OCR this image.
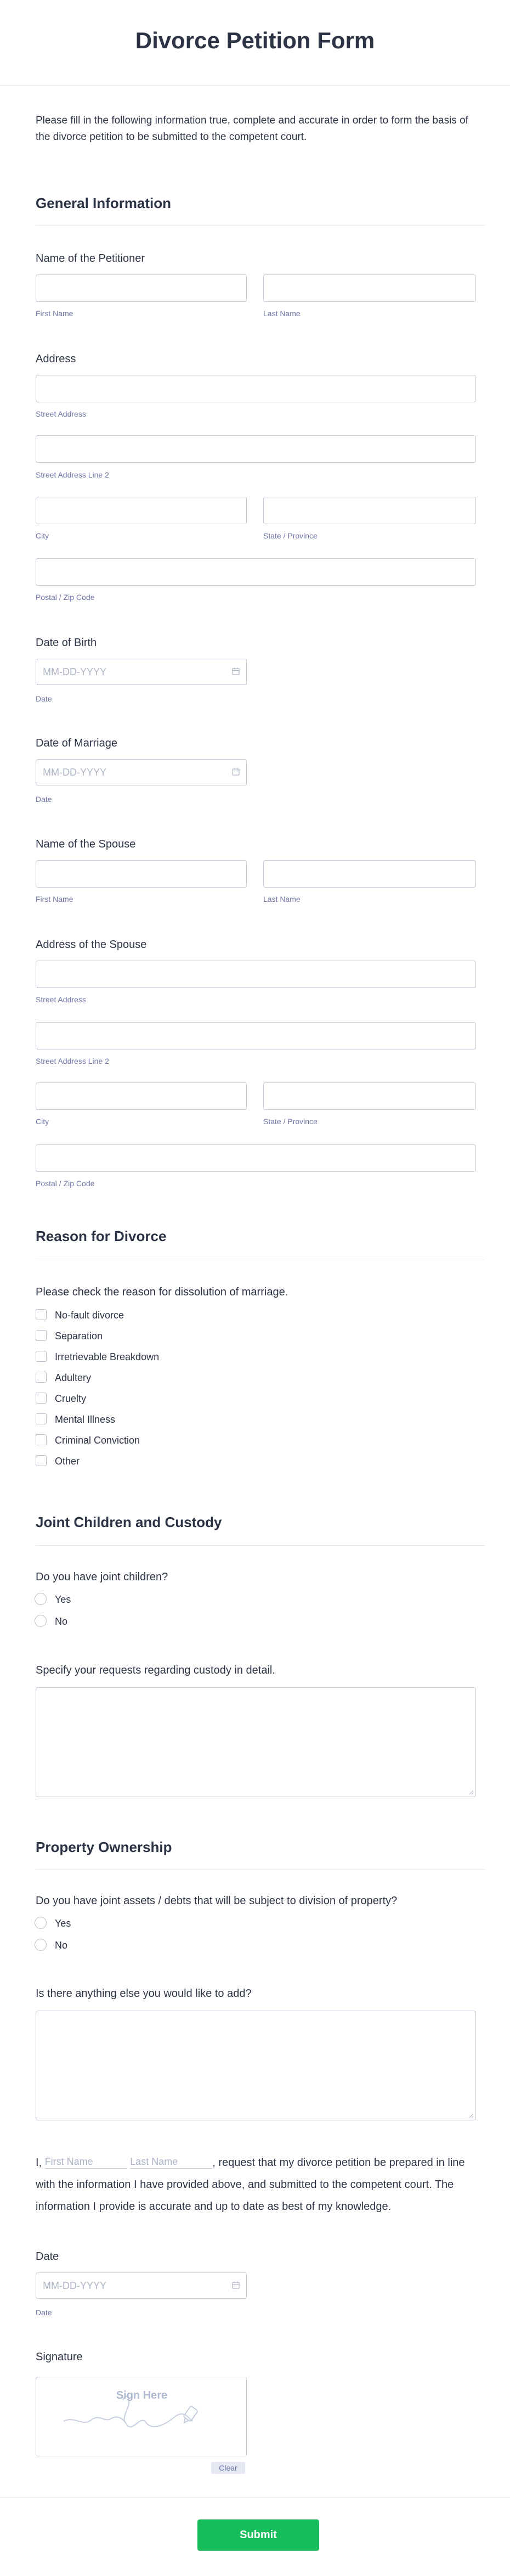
Divorce Petition Form
Please fill in the following information true, complete and accurate in order to form the basis of the divorce petition to be submitted to the competent court.
General Information
Name of the Petitioner
First Name	Last Name
Address
Street Address
Street Address Line 2
City	State / Province
Postal / Zip Code
Date of Birth
MM-DD-YYYY
Date
Date of Marriage
MM-DD-YYYY
Date
Name of the Spouse
First Name	Last Name
Address of the Spouse
Street Address
Street Address Line 2
City	State / Province
Postal / Zip Code
Reason for Divorce
Please check the reason for dissolution of marriage.
No-fault divorce
Separation
Irretrievable Breakdown
Adultery
Cruelty
Mental Illness
Criminal Conviction
Other
Joint Children and Custody
Do you have joint children?
Yes
No
Specify your requests regarding custody in detail.
Property Ownership
Do you have joint assets / debts that will be subject to division of property?
Yes
No
Is there anything else you would like to add?
I, First Name	Last Name	, request that my divorce petition be prepared in line with the information I have provided above, and submitted to the competent court. The information I provide is accurate and up to date as best of my knowledge.
Date
MM-DD-YYYY
Date
Signature
Sign Here
Clear
Submit
